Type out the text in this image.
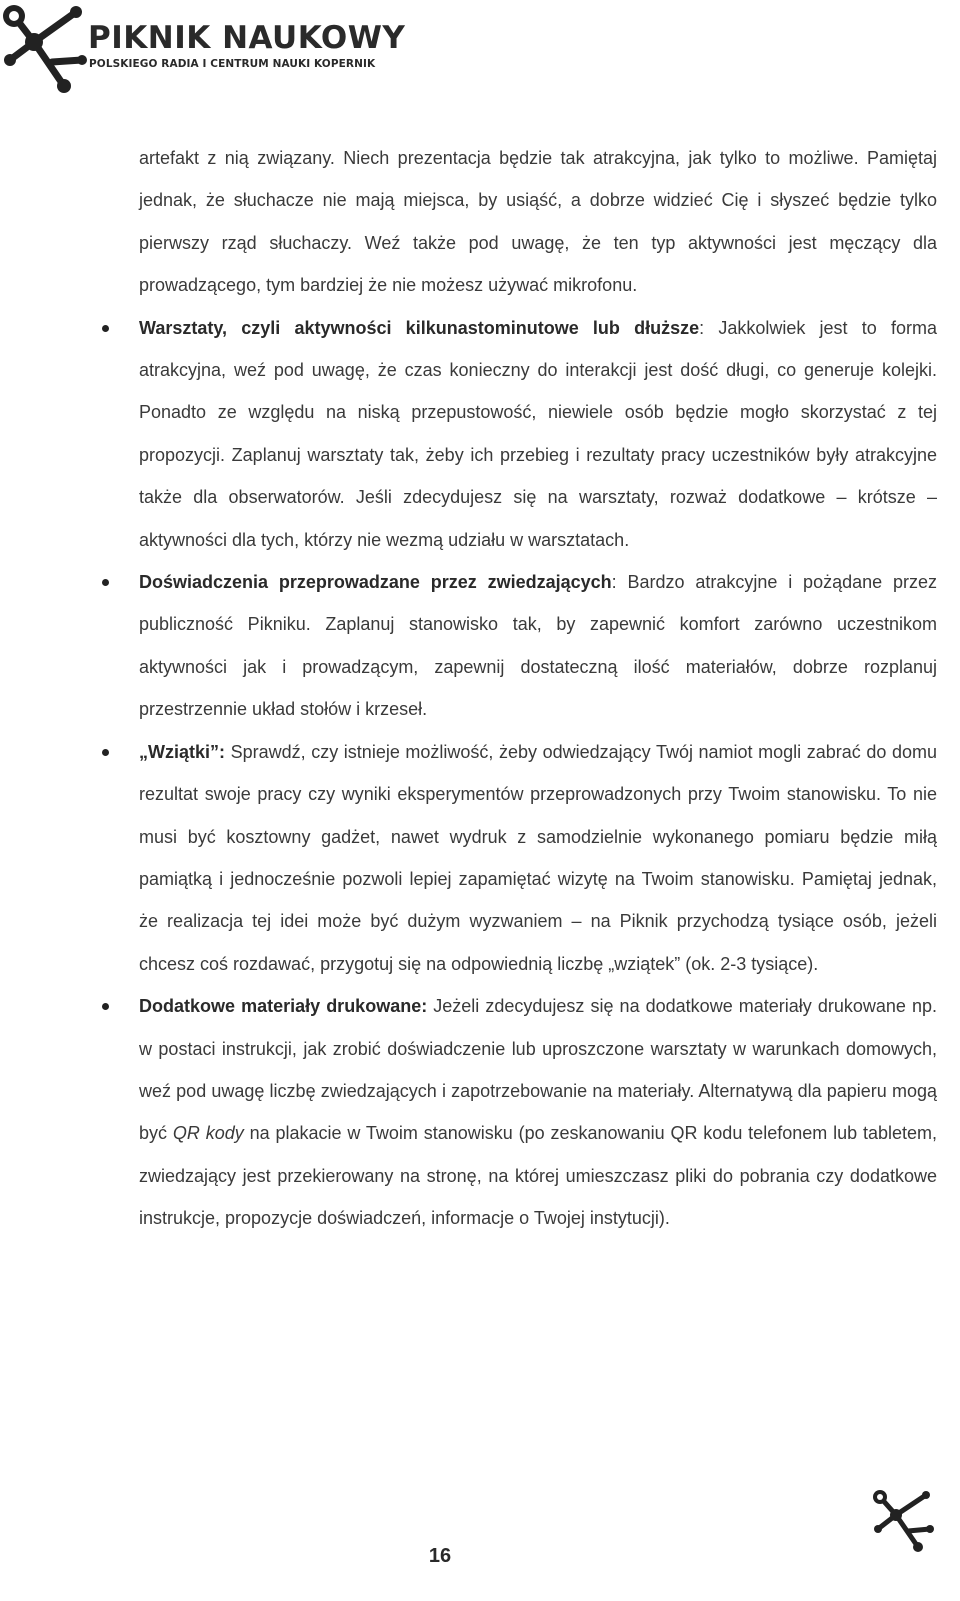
PIKNIK NAUKOWY
POLSKIEGO RADIA I CENTRUM NAUKI KOPERNIK

artefakt z nią związany. Niech prezentacja będzie tak atrakcyjna, jak tylko to możliwe. Pamiętaj jednak, że słuchacze nie mają miejsca, by usiąść, a dobrze widzieć Cię i słyszeć będzie tylko pierwszy rząd słuchaczy. Weź także pod uwagę, że ten typ aktywności jest męczący dla prowadzącego, tym bardziej że nie możesz używać mikrofonu.

Warsztaty, czyli aktywności kilkunastominutowe lub dłuższe: Jakkolwiek jest to forma atrakcyjna, weź pod uwagę, że czas konieczny do interakcji jest dość długi, co generuje kolejki. Ponadto ze względu na niską przepustowość, niewiele osób będzie mogło skorzystać z tej propozycji. Zaplanuj warsztaty tak, żeby ich przebieg i rezultaty pracy uczestników były atrakcyjne także dla obserwatorów. Jeśli zdecydujesz się na warsztaty, rozważ dodatkowe – krótsze – aktywności dla tych, którzy nie wezmą udziału w warsztatach.
Doświadczenia przeprowadzane przez zwiedzających: Bardzo atrakcyjne i pożądane przez publiczność Pikniku. Zaplanuj stanowisko tak, by zapewnić komfort zarówno uczestnikom aktywności jak i prowadzącym, zapewnij dostateczną ilość materiałów, dobrze rozplanuj przestrzennie układ stołów i krzeseł.
„Wziątki”: Sprawdź, czy istnieje możliwość, żeby odwiedzający Twój namiot mogli zabrać do domu rezultat swoje pracy czy wyniki eksperymentów przeprowadzonych przy Twoim stanowisku. To nie musi być kosztowny gadżet, nawet wydruk z samodzielnie wykonanego pomiaru będzie miłą pamiątką i jednocześnie pozwoli lepiej zapamiętać wizytę na Twoim stanowisku. Pamiętaj jednak, że realizacja tej idei może być dużym wyzwaniem – na Piknik przychodzą tysiące osób, jeżeli chcesz coś rozdawać, przygotuj się na odpowiednią liczbę „wziątek” (ok. 2-3 tysiące).
Dodatkowe materiały drukowane: Jeżeli zdecydujesz się na dodatkowe materiały drukowane np. w postaci instrukcji, jak zrobić doświadczenie lub uproszczone warsztaty w warunkach domowych, weź pod uwagę liczbę zwiedzających i zapotrzebowanie na materiały. Alternatywą dla papieru mogą być QR kody na plakacie w Twoim stanowisku (po zeskanowaniu QR kodu telefonem lub tabletem, zwiedzający jest przekierowany na stronę, na której umieszczasz pliki do pobrania czy dodatkowe instrukcje, propozycje doświadczeń, informacje o Twojej instytucji).
16
